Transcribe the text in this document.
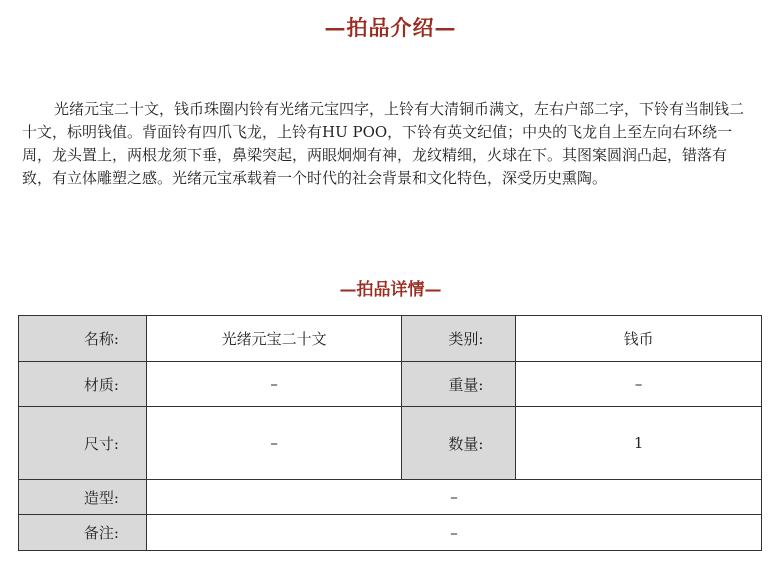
—拍品介绍—

光绪元宝二十文，钱币珠圈内铃有光绪元宝四字，上铃有大清铜币满文，左右户部二字，下铃有当制钱二十文，标明钱值。背面铃有四爪飞龙，上铃有HU POO，下铃有英文纪值；中央的飞龙自上至左向右环绕一周，龙头置上，两根龙须下垂，鼻梁突起，两眼炯炯有神，龙纹精细，火球在下。其图案圆润凸起，错落有致，有立体雕塑之感。光绪元宝承载着一个时代的社会背景和文化特色，深受历史熏陶。

—拍品详情—
名称:	光绪元宝二十文	类别:	钱币
材质:	–	重量:	–
尺寸:	–	数量:	1
造型:	–		
备注:	–		
